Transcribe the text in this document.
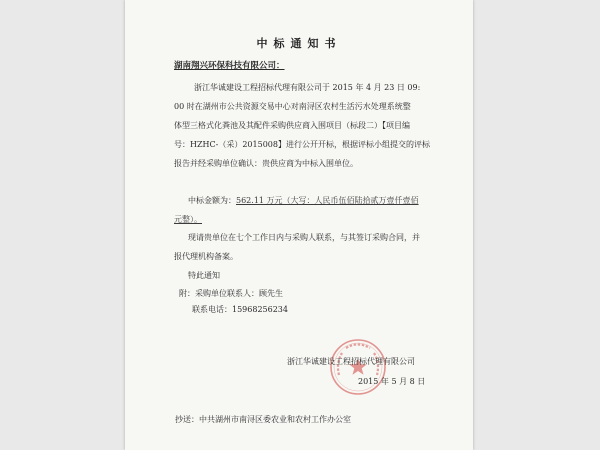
中标通知书
湖南翔兴环保科技有限公司：
浙江华诚建设工程招标代理有限公司于 2015 年 4 月 23 日 09:
00 时在湖州市公共资源交易中心对南浔区农村生活污水处理系统整
体型三格式化粪池及其配件采购供应商入围项目（标段二）【项目编
号：HZHC-（采）2015008】进行公开开标，根据评标小组提交的评标
报告并经采购单位确认：贵供应商为中标入围单位。
中标金额为：562.11 万元（大写：人民币伍佰陆拾贰万壹仟壹佰
元整）。
现请贵单位在七个工作日内与采购人联系，与其签订采购合同，并
报代理机构备案。
特此通知
附：采购单位联系人：顾先生
联系电话：15968256234
浙江华诚建设工程招标代理有限公司
2015 年 5 月 8 日
抄送：中共湖州市南浔区委农业和农村工作办公室
